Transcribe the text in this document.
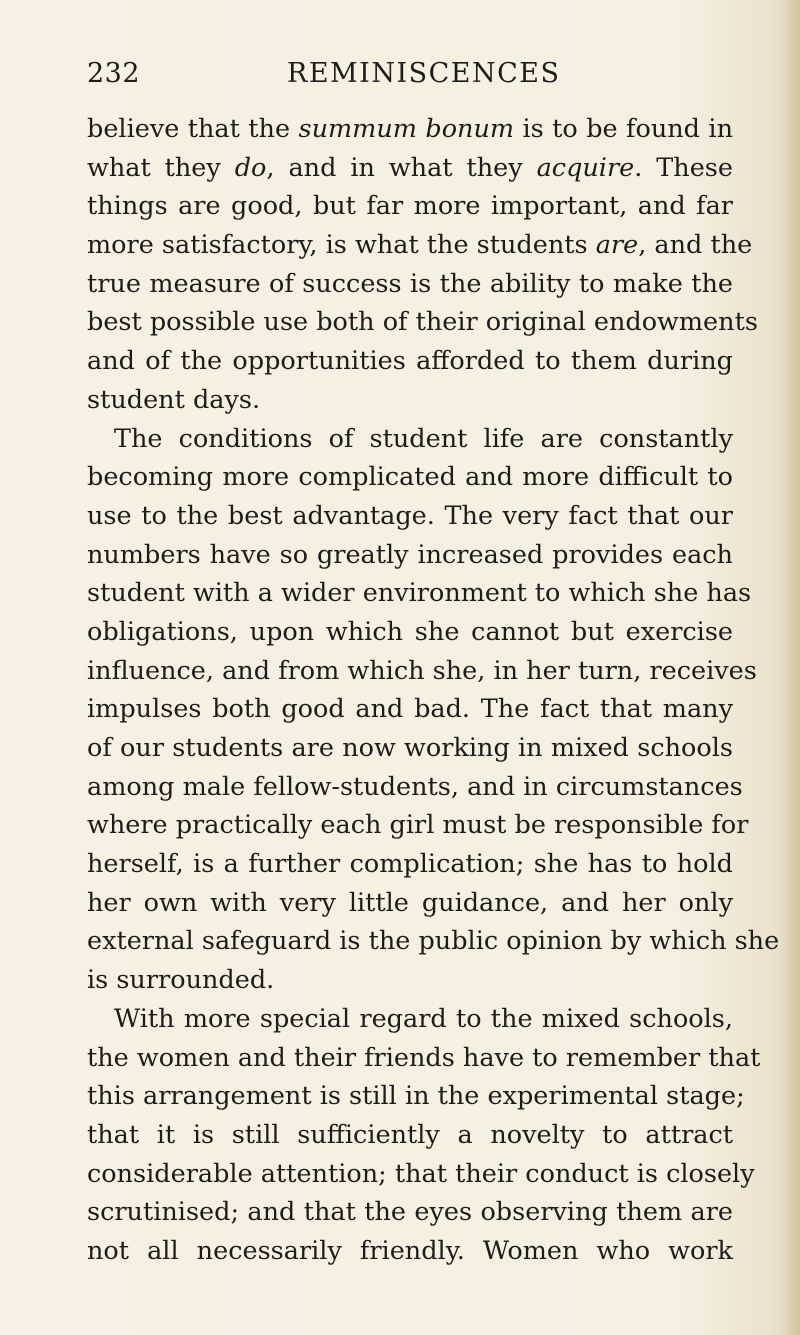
232	REMINISCENCES
believe that the summum bonum is to be found in
what they do, and in what they acquire. These
things are good, but far more important, and far
more satisfactory, is what the students are, and the
true measure of success is the ability to make the
best possible use both of their original endowments
and of the opportunities afforded to them during
student days.
The conditions of student life are constantly
becoming more complicated and more difficult to
use to the best advantage. The very fact that our
numbers have so greatly increased provides each
student with a wider environment to which she has
obligations, upon which she cannot but exercise
influence, and from which she, in her turn, receives
impulses both good and bad. The fact that many
of our students are now working in mixed schools
among male fellow-students, and in circumstances
where practically each girl must be responsible for
herself, is a further complication; she has to hold
her own with very little guidance, and her only
external safeguard is the public opinion by which she
is surrounded.
With more special regard to the mixed schools,
the women and their friends have to remember that
this arrangement is still in the experimental stage;
that it is still sufficiently a novelty to attract
considerable attention; that their conduct is closely
scrutinised; and that the eyes observing them are
not all necessarily friendly. Women who work
